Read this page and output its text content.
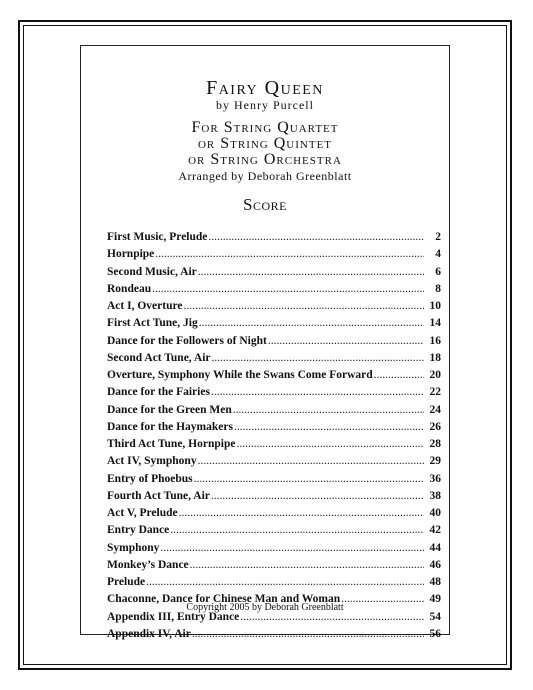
Fairy Queen
by Henry Purcell
For String Quartet
or String Quintet
or String Orchestra
Arranged by Deborah Greenblatt
Score
First Music, Prelude .....	2
Hornpipe .....	4
Second Music, Air .....	6
Rondeau .....	8
Act I, Overture .....	10
First Act Tune, Jig .....	14
Dance for the Followers of Night .....	16
Second Act Tune, Air .....	18
Overture, Symphony While the Swans Come Forward .....	20
Dance for the Fairies .....	22
Dance for the Green Men .....	24
Dance for the Haymakers .....	26
Third Act Tune, Hornpipe .....	28
Act IV, Symphony .....	29
Entry of Phoebus .....	36
Fourth Act Tune, Air .....	38
Act V, Prelude .....	40
Entry Dance .....	42
Symphony .....	44
Monkey’s Dance .....	46
Prelude .....	48
Chaconne, Dance for Chinese Man and Woman .....	49
Appendix III, Entry Dance .....	54
Appendix IV, Air .....	56
Copyright 2005 by Deborah Greenblatt
